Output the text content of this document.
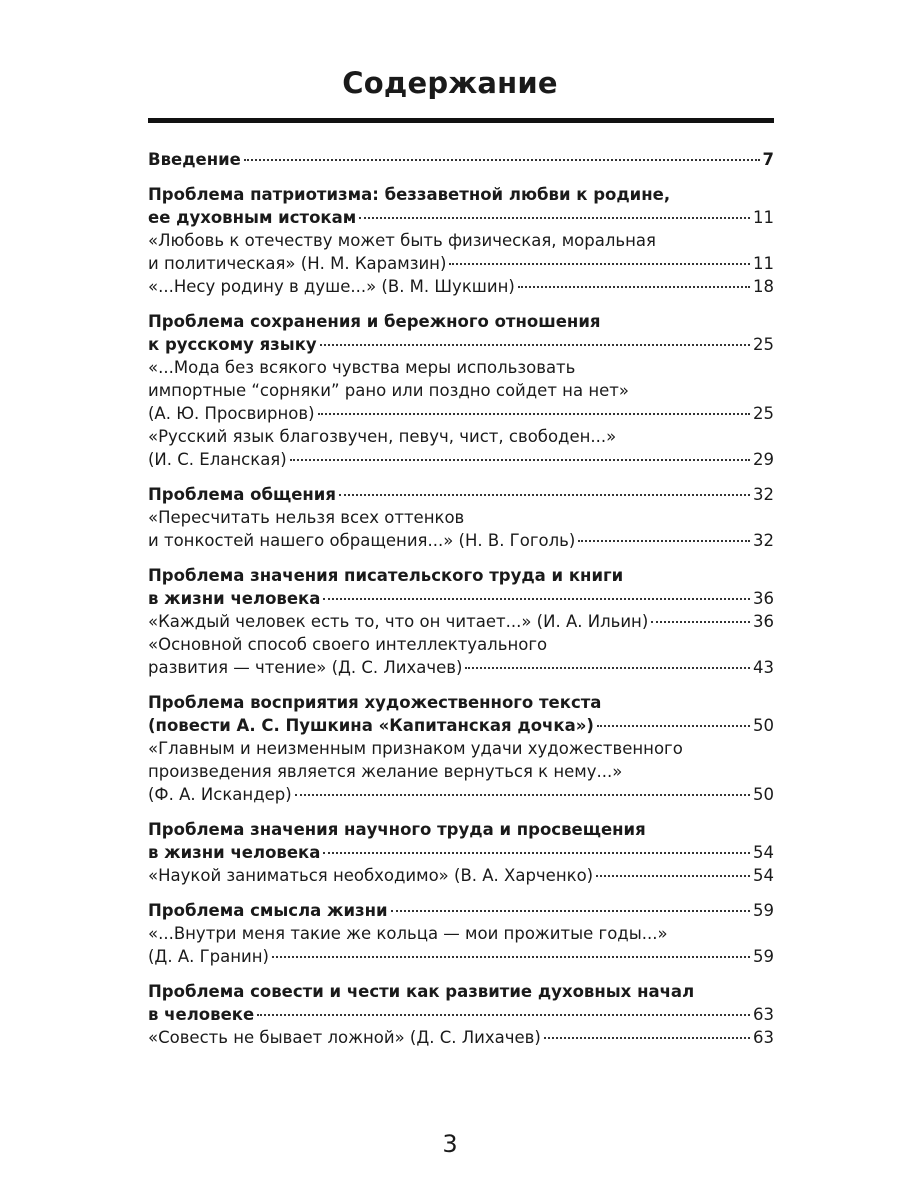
Содержание
Введение	7
Проблема патриотизма: беззаветной любви к родине,
ее духовным истокам	11
«Любовь к отечеству может быть физическая, моральная
и политическая» (Н. М. Карамзин)	11
«...Несу родину в душе...» (В. М. Шукшин)	18
Проблема сохранения и бережного отношения
к русскому языку	25
«...Мода без всякого чувства меры использовать
импортные “сорняки” рано или поздно сойдет на нет»
(А. Ю. Просвирнов)	25
«Русский язык благозвучен, певуч, чист, свободен...»
(И. С. Еланская)	29
Проблема общения	32
«Пересчитать нельзя всех оттенков
и тонкостей нашего обращения...» (Н. В. Гоголь)	32
Проблема значения писательского труда и книги
в жизни человека	36
«Каждый человек есть то, что он читает...» (И. А. Ильин)	36
«Основной способ своего интеллектуального
развития — чтение» (Д. С. Лихачев)	43
Проблема восприятия художественного текста
(повести А. С. Пушкина «Капитанская дочка»)	50
«Главным и неизменным признаком удачи художественного
произведения является желание вернуться к нему...»
(Ф. А. Искандер)	50
Проблема значения научного труда и просвещения
в жизни человека	54
«Наукой заниматься необходимо» (В. А. Харченко)	54
Проблема смысла жизни	59
«...Внутри меня такие же кольца — мои прожитые годы...»
(Д. А. Гранин)	59
Проблема совести и чести как развитие духовных начал
в человеке	63
«Совесть не бывает ложной» (Д. С. Лихачев)	63
3
